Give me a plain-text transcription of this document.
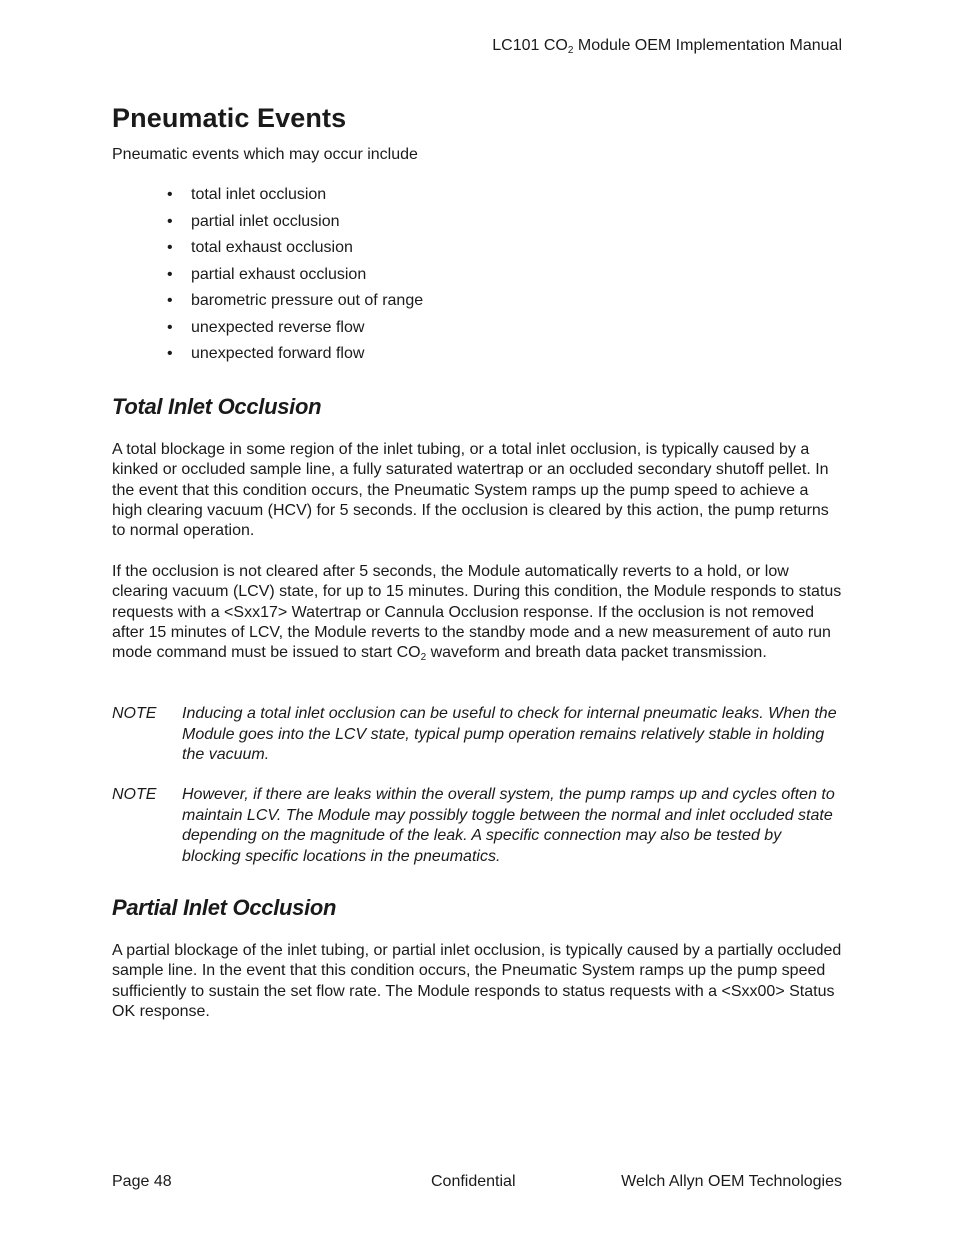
LC101 $CO_2$ Module OEM Implementation Manual
Pneumatic Events

Pneumatic events which may occur include

• total inlet occlusion
• partial inlet occlusion
• total exhaust occlusion
• partial exhaust occlusion
• barometric pressure out of range
• unexpected reverse flow
• unexpected forward flow
Total Inlet Occlusion

A total blockage in some region of the inlet tubing, or a total inlet occlusion, is typically caused by a kinked or occluded sample line, a fully saturated watertrap or an occluded secondary shutoff pellet. In the event that this condition occurs, the Pneumatic System ramps up the pump speed to achieve a high clearing vacuum (HCV) for 5 seconds. If the occlusion is cleared by this action, the pump returns to normal operation.

If the occlusion is not cleared after 5 seconds, the Module automatically reverts to a hold, or low clearing vacuum (LCV) state, for up to 15 minutes. During this condition, the Module responds to status requests with a <Sxx17> Watertrap or Cannula Occlusion response. If the occlusion is not removed after 15 minutes of LCV, the Module reverts to the standby mode and a new measurement of auto run mode command must be issued to start $CO_2$ waveform and breath data packet transmission.

NOTE Inducing a total inlet occlusion can be useful to check for internal pneumatic leaks. When the Module goes into the LCV state, typical pump operation remains relatively stable in holding the vacuum.
NOTE However, if there are leaks within the overall system, the pump ramps up and cycles often to maintain LCV. The Module may possibly toggle between the normal and inlet occluded state depending on the magnitude of the leak. A specific connection may also be tested by blocking specific locations in the pneumatics.
Partial Inlet Occlusion

A partial blockage of the inlet tubing, or partial inlet occlusion, is typically caused by a partially occluded sample line. In the event that this condition occurs, the Pneumatic System ramps up the pump speed sufficiently to sustain the set flow rate. The Module responds to status requests with a <Sxx00> Status OK response.

Page 48	Confidential	Welch Allyn OEM Technologies
